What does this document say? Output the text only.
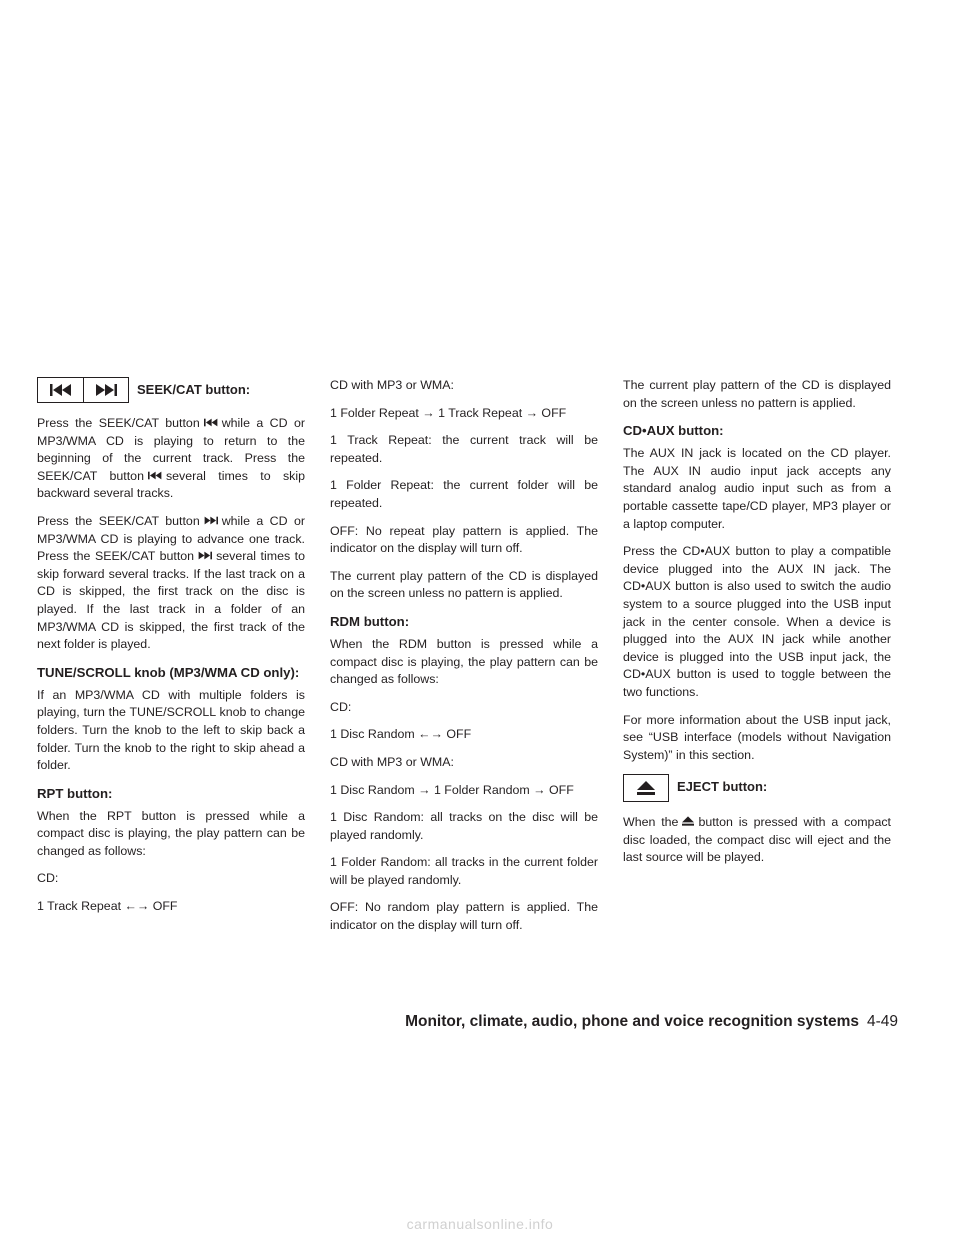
SEEK/CAT button:

Press the SEEK/CAT button while a CD or MP3/WMA CD is playing to return to the beginning of the current track. Press the SEEK/CAT button several times to skip backward several tracks.

Press the SEEK/CAT button while a CD or MP3/WMA CD is playing to advance one track. Press the SEEK/CAT button several times to skip forward several tracks. If the last track on a CD is skipped, the first track on the disc is played. If the last track in a folder of an MP3/WMA CD is skipped, the first track of the next folder is played.

TUNE/SCROLL knob (MP3/WMA CD only):

If an MP3/WMA CD with multiple folders is playing, turn the TUNE/SCROLL knob to change folders. Turn the knob to the left to skip back a folder. Turn the knob to the right to skip ahead a folder.

RPT button:

When the RPT button is pressed while a compact disc is playing, the play pattern can be changed as follows:

CD:

1 Track Repeat ←→ OFF

CD with MP3 or WMA:

1 Folder Repeat → 1 Track Repeat → OFF

1 Track Repeat: the current track will be repeated.

1 Folder Repeat: the current folder will be repeated.

OFF: No repeat play pattern is applied. The indicator on the display will turn off.

The current play pattern of the CD is displayed on the screen unless no pattern is applied.

RDM button:

When the RDM button is pressed while a compact disc is playing, the play pattern can be changed as follows:

CD:

1 Disc Random ←→ OFF

CD with MP3 or WMA:

1 Disc Random → 1 Folder Random → OFF

1 Disc Random: all tracks on the disc will be played randomly.

1 Folder Random: all tracks in the current folder will be played randomly.

OFF: No random play pattern is applied. The indicator on the display will turn off.

The current play pattern of the CD is displayed on the screen unless no pattern is applied.

CD•AUX button:

The AUX IN jack is located on the CD player. The AUX IN audio input jack accepts any standard analog audio input such as from a portable cassette tape/CD player, MP3 player or a laptop computer.

Press the CD•AUX button to play a compatible device plugged into the AUX IN jack. The CD•AUX button is also used to switch the audio system to a source plugged into the USB input jack in the center console. When a device is plugged into the AUX IN jack while another device is plugged into the USB input jack, the CD•AUX button is used to toggle between the two functions.

For more information about the USB input jack, see “USB interface (models without Navigation System)” in this section.

EJECT button:

When the button is pressed with a compact disc loaded, the compact disc will eject and the last source will be played.

Monitor, climate, audio, phone and voice recognition systems 4-49
carmanualsonline.info
